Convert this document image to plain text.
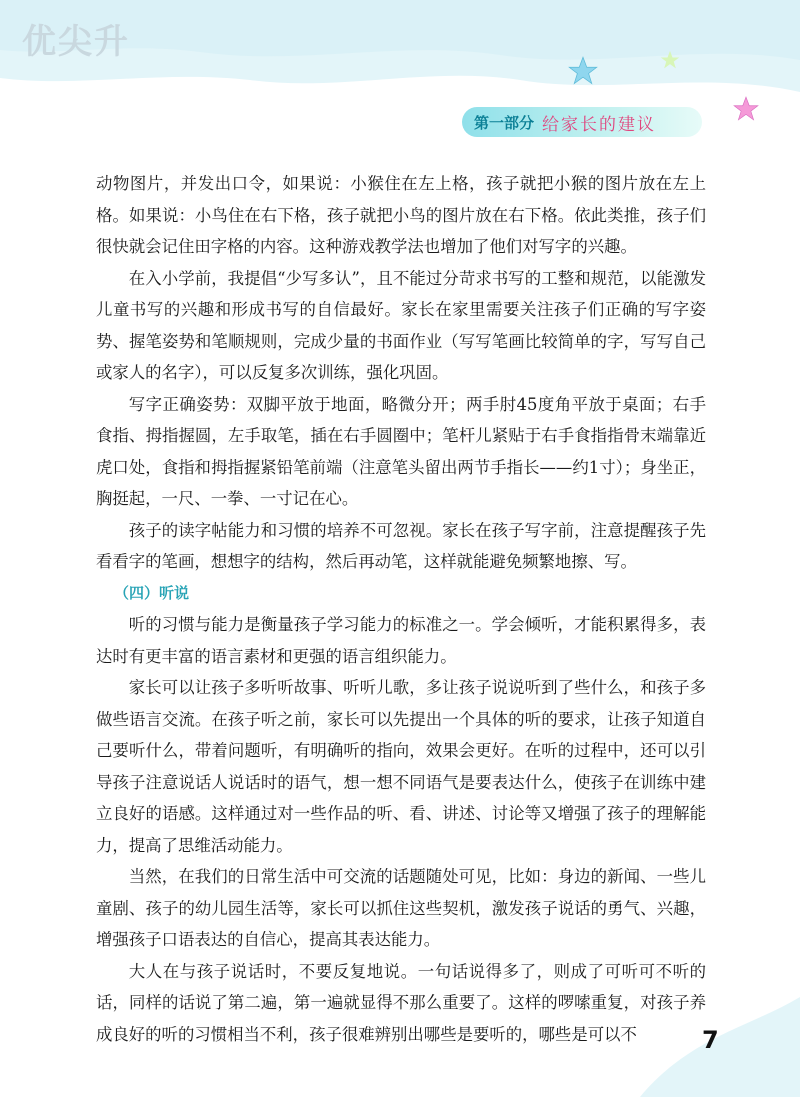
优尖升
第一部分 给家长的建议

动物图片，并发出口令，如果说：小猴住在左上格，孩子就把小猴的图片放在左上格。如果说：小鸟住在右下格，孩子就把小鸟的图片放在右下格。依此类推，孩子们很快就会记住田字格的内容。这种游戏教学法也增加了他们对写字的兴趣。

在入小学前，我提倡“少写多认”，且不能过分苛求书写的工整和规范，以能激发儿童书写的兴趣和形成书写的自信最好。家长在家里需要关注孩子们正确的写字姿势、握笔姿势和笔顺规则，完成少量的书面作业（写写笔画比较简单的字，写写自己或家人的名字），可以反复多次训练，强化巩固。

写字正确姿势：双脚平放于地面，略微分开；两手肘45度角平放于桌面；右手食指、拇指握圆，左手取笔，插在右手圆圈中；笔杆儿紧贴于右手食指指骨末端靠近虎口处，食指和拇指握紧铅笔前端（注意笔头留出两节手指长——约1寸）；身坐正，胸挺起，一尺、一拳、一寸记在心。

孩子的读字帖能力和习惯的培养不可忽视。家长在孩子写字前，注意提醒孩子先看看字的笔画，想想字的结构，然后再动笔，这样就能避免频繁地擦、写。

（四）听说

听的习惯与能力是衡量孩子学习能力的标准之一。学会倾听，才能积累得多，表达时有更丰富的语言素材和更强的语言组织能力。

家长可以让孩子多听听故事、听听儿歌，多让孩子说说听到了些什么，和孩子多做些语言交流。在孩子听之前，家长可以先提出一个具体的听的要求，让孩子知道自己要听什么，带着问题听，有明确听的指向，效果会更好。在听的过程中，还可以引导孩子注意说话人说话时的语气，想一想不同语气是要表达什么，使孩子在训练中建立良好的语感。这样通过对一些作品的听、看、讲述、讨论等又增强了孩子的理解能力，提高了思维活动能力。

当然，在我们的日常生活中可交流的话题随处可见，比如：身边的新闻、一些儿童剧、孩子的幼儿园生活等，家长可以抓住这些契机，激发孩子说话的勇气、兴趣，增强孩子口语表达的自信心，提高其表达能力。

大人在与孩子说话时，不要反复地说。一句话说得多了，则成了可听可不听的话，同样的话说了第二遍，第一遍就显得不那么重要了。这样的啰嗦重复，对孩子养成良好的听的习惯相当不利，孩子很难辨别出哪些是要听的，哪些是可以不	7
